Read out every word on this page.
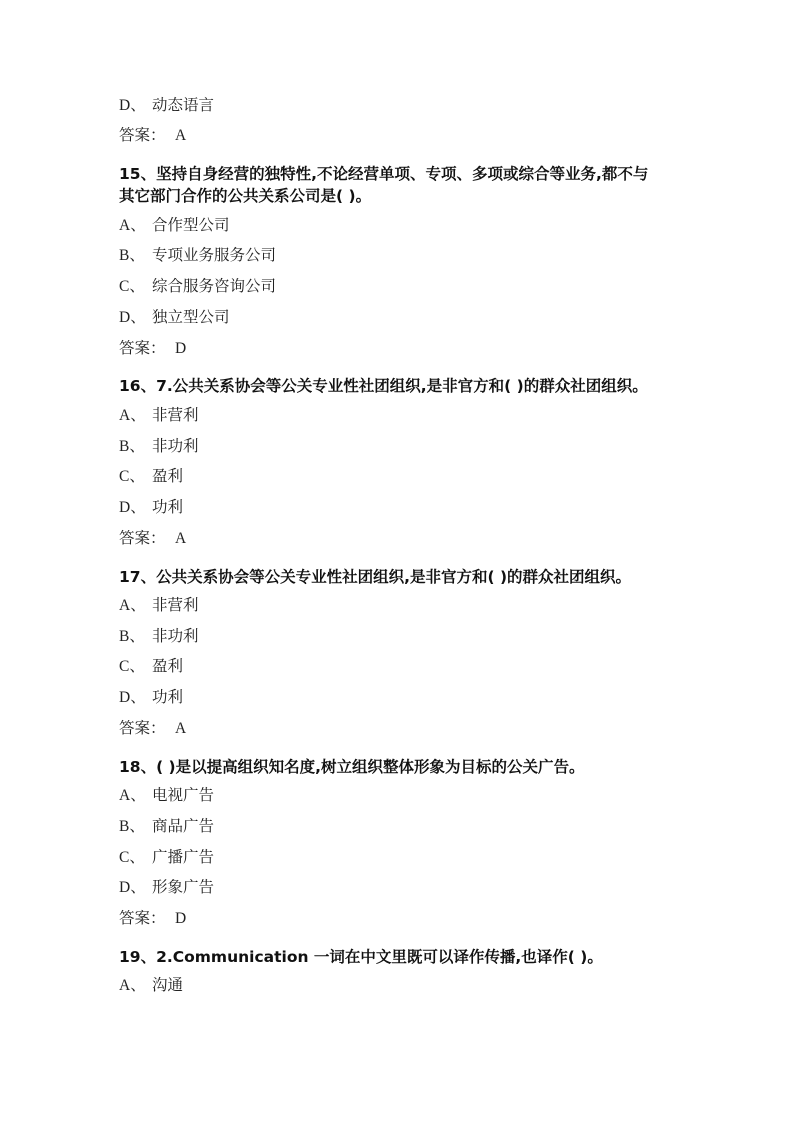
D、 动态语言
答案： A
15、坚持自身经营的独特性,不论经营单项、专项、多项或综合等业务,都不与
其它部门合作的公共关系公司是( )。
A、 合作型公司
B、 专项业务服务公司
C、 综合服务咨询公司
D、 独立型公司
答案： D
16、7.公共关系协会等公关专业性社团组织,是非官方和( )的群众社团组织。
A、 非营利
B、 非功利
C、 盈利
D、 功利
答案： A
17、公共关系协会等公关专业性社团组织,是非官方和( )的群众社团组织。
A、 非营利
B、 非功利
C、 盈利
D、 功利
答案： A
18、( )是以提高组织知名度,树立组织整体形象为目标的公关广告。
A、 电视广告
B、 商品广告
C、 广播广告
D、 形象广告
答案： D
19、2.Communication 一词在中文里既可以译作传播,也译作( )。
A、 沟通
